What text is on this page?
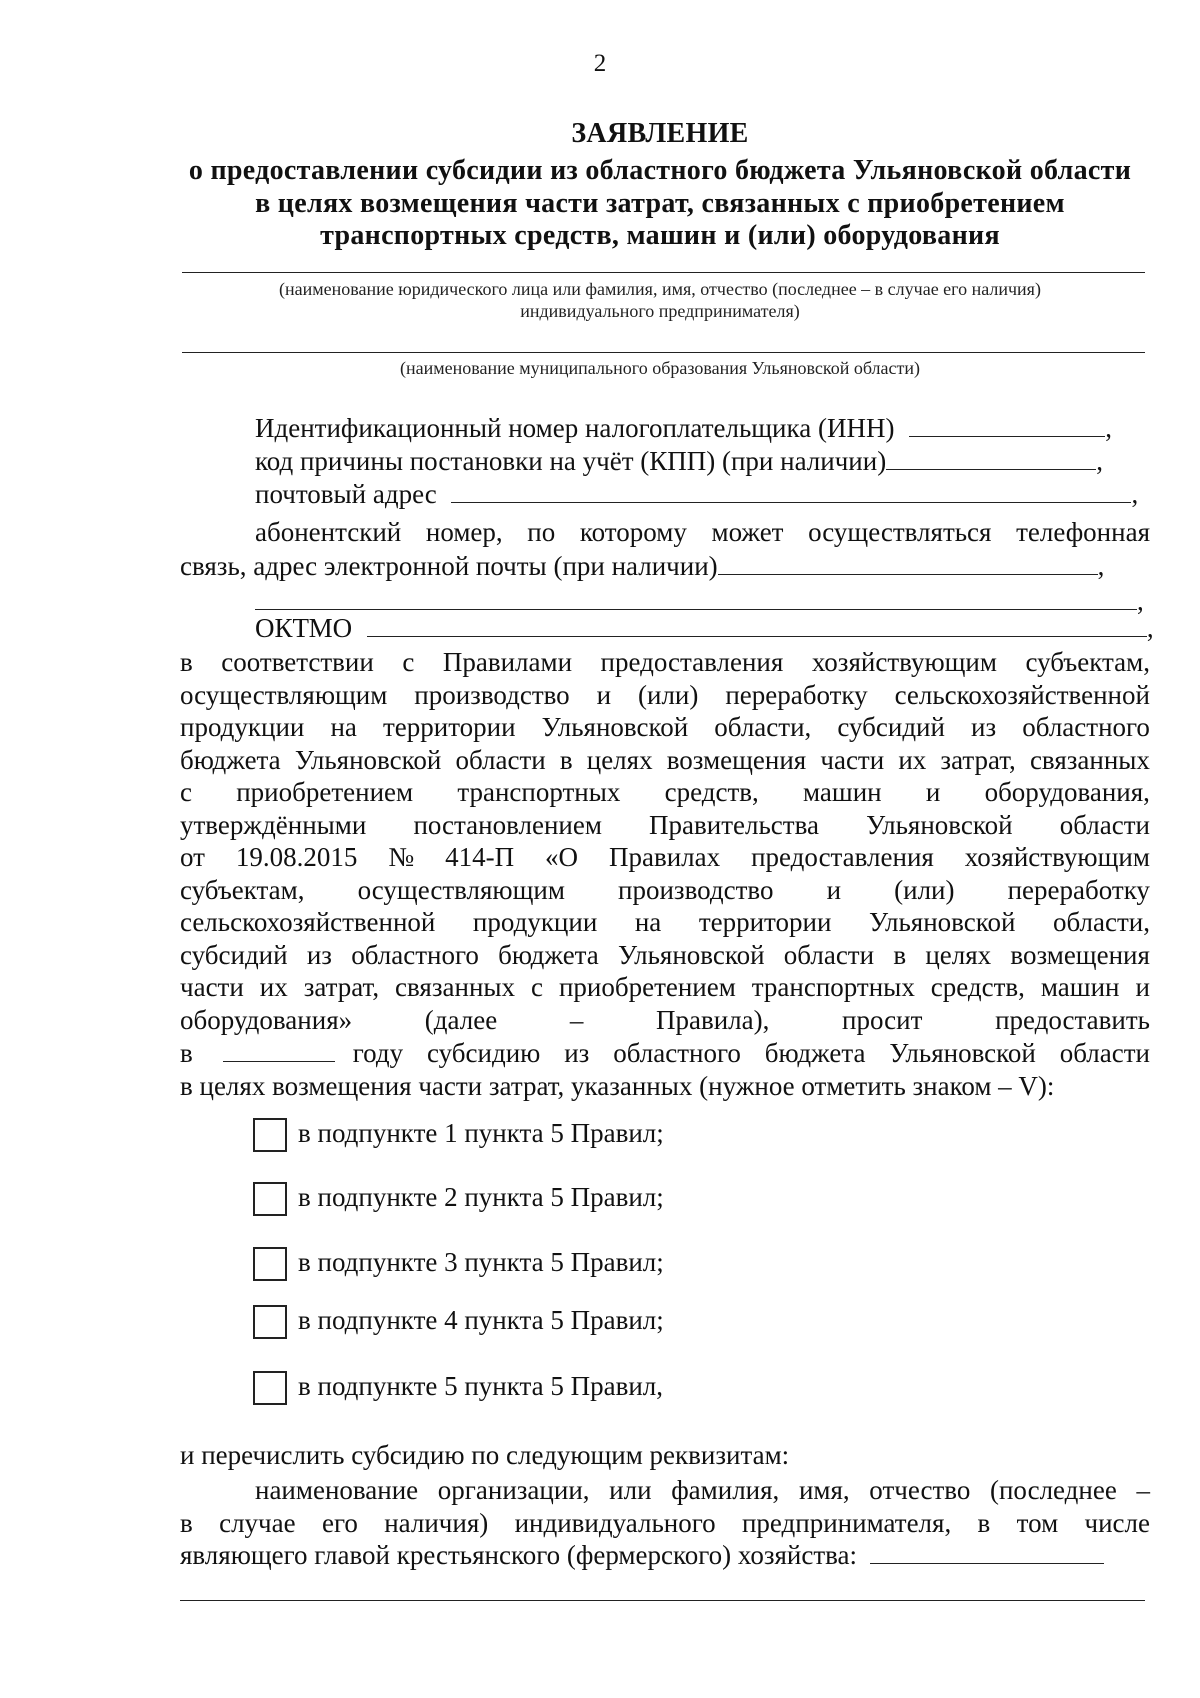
2
ЗАЯВЛЕНИЕ
о предоставлении субсидии из областного бюджета Ульяновской области
в целях возмещения части затрат, связанных с приобретением
транспортных средств, машин и (или) оборудования
(наименование юридического лица или фамилия, имя, отчество (последнее – в случае его наличия)
индивидуального предпринимателя)
(наименование муниципального образования Ульяновской области)
Идентификационный номер налогоплательщика (ИНН)	,
код причины постановки на учёт (КПП) (при наличии)	,
почтовый адрес	,
абонентский номер, по которому может осуществляться телефонная
связь, адрес электронной почты (при наличии)	,
,
ОКТМО	,
в соответствии с Правилами предоставления хозяйствующим субъектам,
осуществляющим производство и (или) переработку сельскохозяйственной
продукции на территории Ульяновской области, субсидий из областного
бюджета Ульяновской области в целях возмещения части их затрат, связанных
с приобретением транспортных средств, машин и оборудования,
утверждёнными постановлением Правительства Ульяновской области
от 19.08.2015 № 414-П «О Правилах предоставления хозяйствующим
субъектам, осуществляющим производство и (или) переработку
сельскохозяйственной продукции на территории Ульяновской области,
субсидий из областного бюджета Ульяновской области в целях возмещения
части их затрат, связанных с приобретением транспортных средств, машин и
оборудования»	(далее	–	Правила),	просит	предоставить
в	году субсидию из областного бюджета Ульяновской области
в целях возмещения части затрат, указанных (нужное отметить знаком – V):
в подпункте 1 пункта 5 Правил;
в подпункте 2 пункта 5 Правил;
в подпункте 3 пункта 5 Правил;
в подпункте 4 пункта 5 Правил;
в подпункте 5 пункта 5 Правил,
и перечислить субсидию по следующим реквизитам:
наименование организации, или фамилия, имя, отчество (последнее –
в случае его наличия) индивидуального предпринимателя, в том числе
являющего главой крестьянского (фермерского) хозяйства:
